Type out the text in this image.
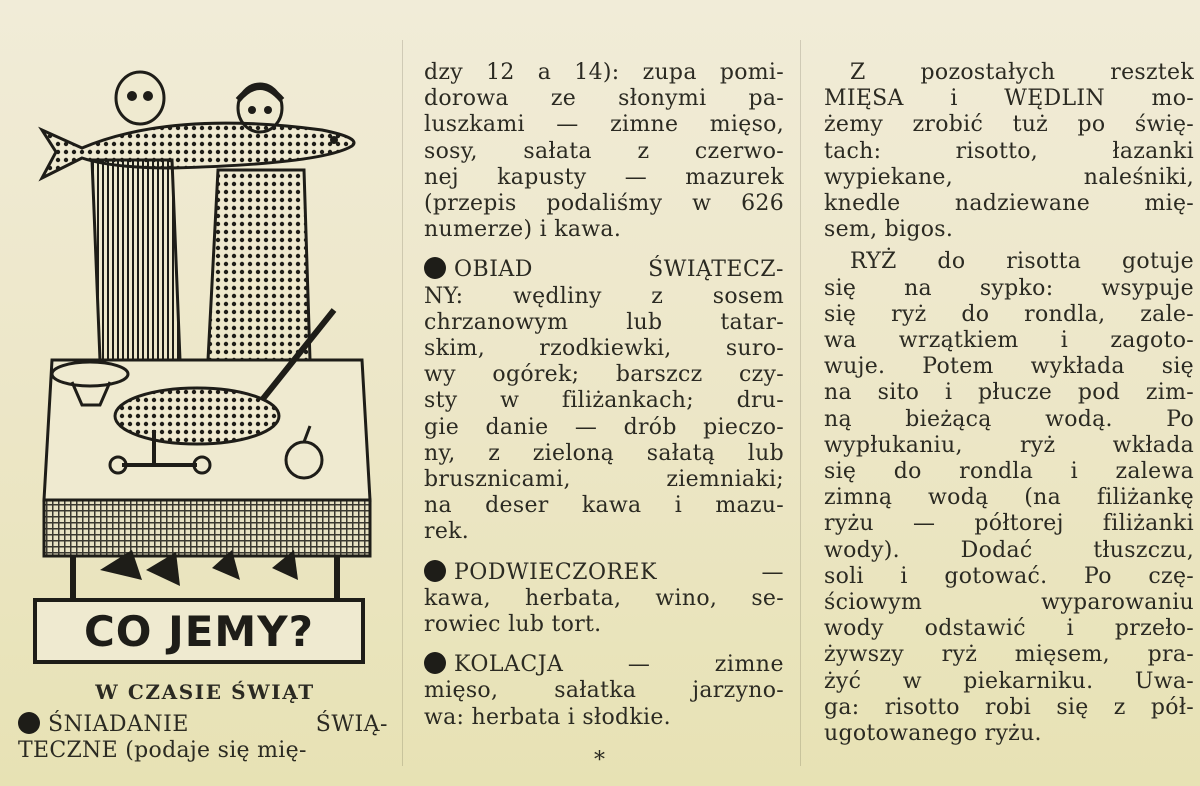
CO JEMY?
W CZASIE ŚWIĄT
ŚNIADANIE ŚWIĄ-
TECZNE (podaje się mię-
dzy 12 a 14): zupa pomi-
dorowa ze słonymi pa-
luszkami — zimne mięso,
sosy, sałata z czerwo-
nej kapusty — mazurek
(przepis podaliśmy w 626
numerze) i kawa.
OBIAD ŚWIĄTECZ-
NY: wędliny z sosem
chrzanowym lub tatar-
skim, rzodkiewki, suro-
wy ogórek; barszcz czy-
sty w filiżankach; dru-
gie danie — drób pieczo-
ny, z zieloną sałatą lub
brusznicami, ziemniaki;
na deser kawa i mazu-
rek.
PODWIECZOREK —
kawa, herbata, wino, se-
rowiec lub tort.
KOLACJA — zimne
mięso, sałatka jarzyno-
wa: herbata i słodkie.
*
Z pozostałych resztek
MIĘSA i WĘDLIN mo-
żemy zrobić tuż po świę-
tach: risotto, łazanki
wypiekane, naleśniki,
knedle nadziewane mię-
sem, bigos.
RYŻ do risotta gotuje
się na sypko: wsypuje
się ryż do rondla, zale-
wa wrzątkiem i zagoto-
wuje. Potem wykłada się
na sito i płucze pod zim-
ną bieżącą wodą. Po
wypłukaniu, ryż wkłada
się do rondla i zalewa
zimną wodą (na filiżankę
ryżu — półtorej filiżanki
wody). Dodać tłuszczu,
soli i gotować. Po czę-
ściowym wyparowaniu
wody odstawić i przeło-
żywszy ryż mięsem, pra-
żyć w piekarniku. Uwa-
ga: risotto robi się z pół-
ugotowanego ryżu.
